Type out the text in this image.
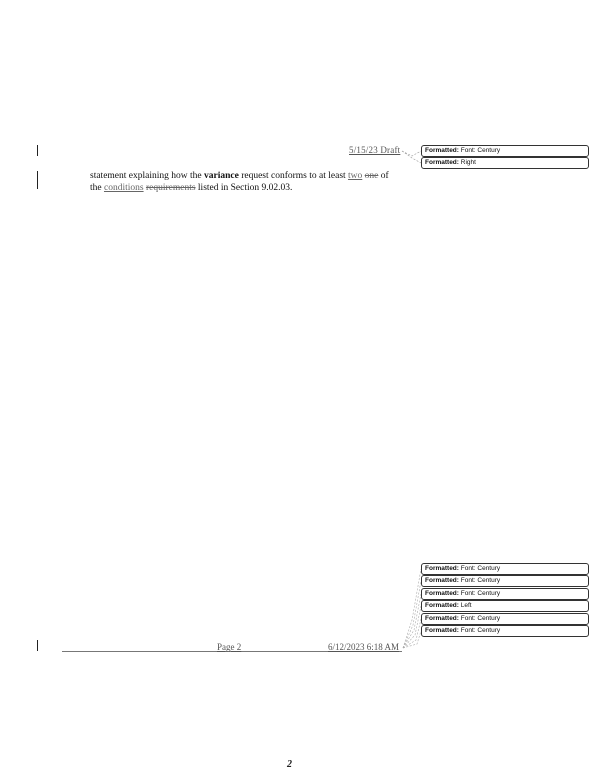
5/15/23 Draft
statement explaining how the variance request conforms to at least two one of
the conditions requirements listed in Section 9.02.03.
Formatted: Font: Century
Formatted: Right
Formatted: Font: Century
Formatted: Font: Century
Formatted: Font: Century
Formatted: Left
Formatted: Font: Century
Formatted: Font: Century
Page 2	6/12/2023 6:18 AM
2
